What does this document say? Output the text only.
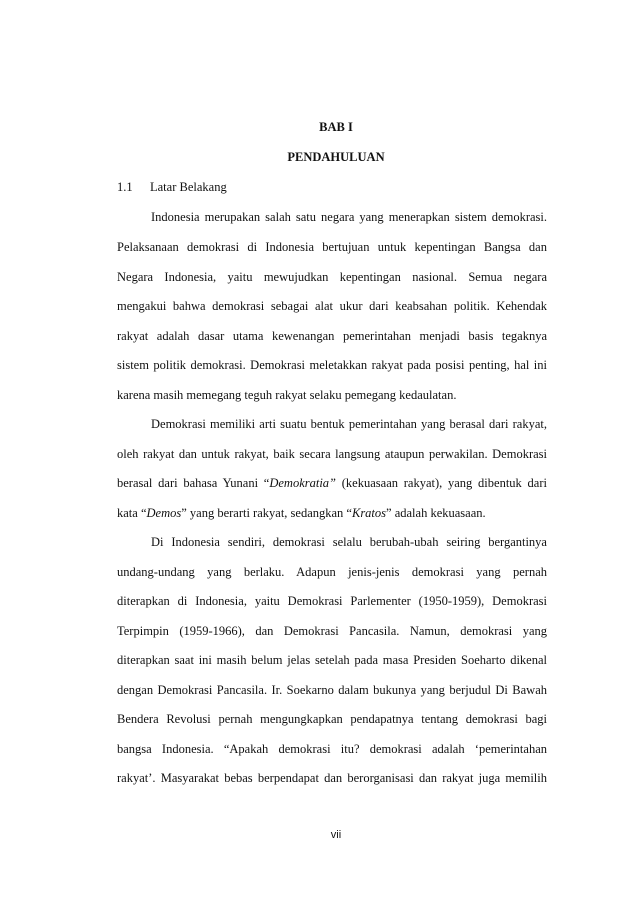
BAB I
PENDAHULUAN
1.1 Latar Belakang
Indonesia merupakan salah satu negara yang menerapkan sistem demokrasi.
Pelaksanaan demokrasi di Indonesia bertujuan untuk kepentingan Bangsa dan
Negara Indonesia, yaitu mewujudkan kepentingan nasional. Semua negara
mengakui bahwa demokrasi sebagai alat ukur dari keabsahan politik. Kehendak
rakyat adalah dasar utama kewenangan pemerintahan menjadi basis tegaknya
sistem politik demokrasi. Demokrasi meletakkan rakyat pada posisi penting, hal ini
karena masih memegang teguh rakyat selaku pemegang kedaulatan.
Demokrasi memiliki arti suatu bentuk pemerintahan yang berasal dari rakyat,
oleh rakyat dan untuk rakyat, baik secara langsung ataupun perwakilan. Demokrasi
berasal dari bahasa Yunani “Demokratia” (kekuasaan rakyat), yang dibentuk dari
kata “Demos” yang berarti rakyat, sedangkan “Kratos” adalah kekuasaan.
Di Indonesia sendiri, demokrasi selalu berubah-ubah seiring bergantinya
undang-undang yang berlaku. Adapun jenis-jenis demokrasi yang pernah
diterapkan di Indonesia, yaitu Demokrasi Parlementer (1950-1959), Demokrasi
Terpimpin (1959-1966), dan Demokrasi Pancasila. Namun, demokrasi yang
diterapkan saat ini masih belum jelas setelah pada masa Presiden Soeharto dikenal
dengan Demokrasi Pancasila. Ir. Soekarno dalam bukunya yang berjudul Di Bawah
Bendera Revolusi pernah mengungkapkan pendapatnya tentang demokrasi bagi
bangsa Indonesia. “Apakah demokrasi itu? demokrasi adalah ‘pemerintahan
rakyat’. Masyarakat bebas berpendapat dan berorganisasi dan rakyat juga memilih
vii
